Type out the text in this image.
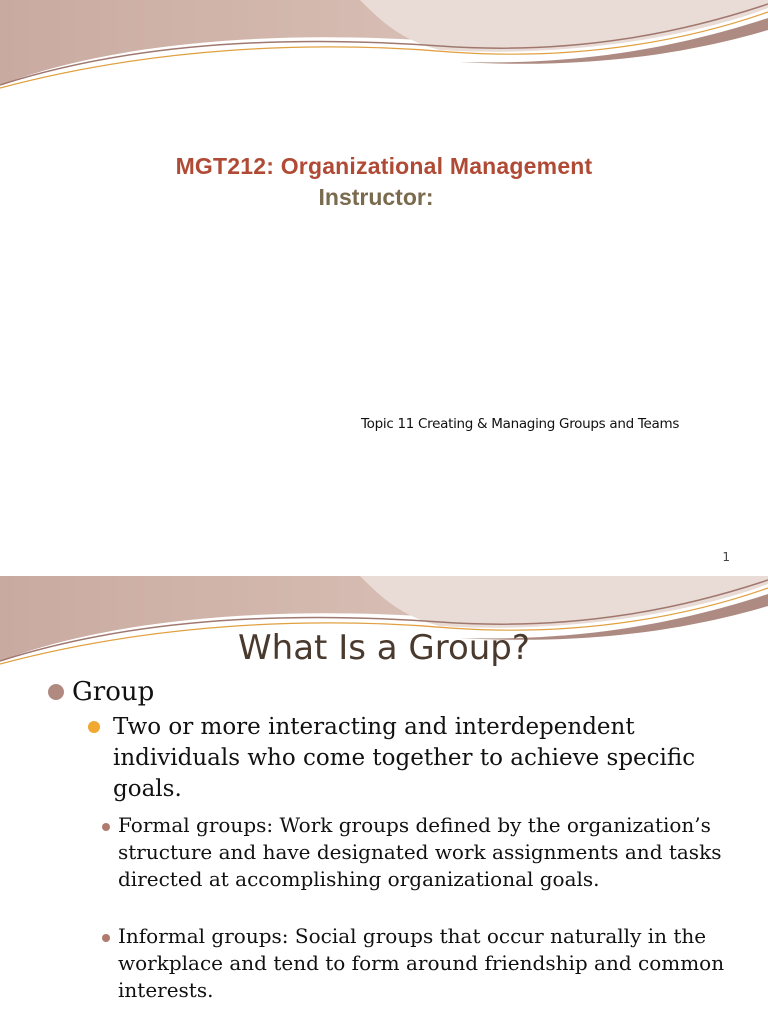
MGT212: Organizational Management
Instructor:
Topic 11 Creating & Managing Groups and Teams
1
What Is a Group?
Group
Two or more interacting and interdependent individuals who come together to achieve specific goals.
Formal groups: Work groups defined by the organization’s structure and have designated work assignments and tasks directed at accomplishing organizational goals.
Informal groups: Social groups that occur naturally in the workplace and tend to form around friendship and common interests.
